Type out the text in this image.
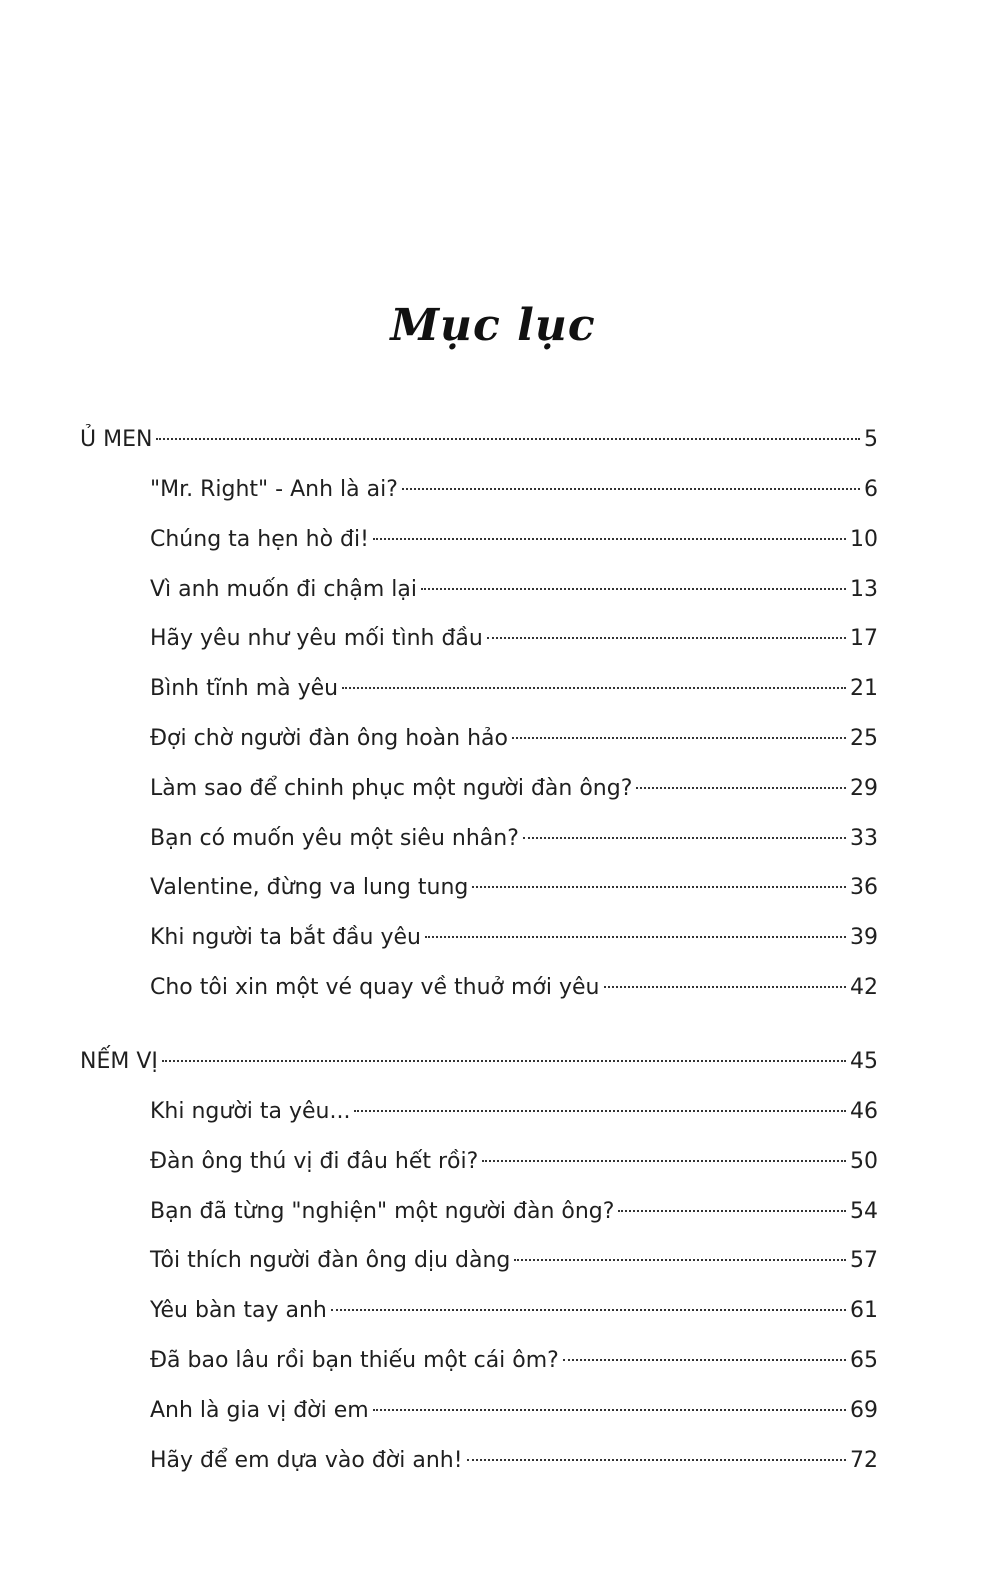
Mục lục
Ủ MEN	5
"Mr. Right" - Anh là ai?	6
Chúng ta hẹn hò đi!	10
Vì anh muốn đi chậm lại	13
Hãy yêu như yêu mối tình đầu	17
Bình tĩnh mà yêu	21
Đợi chờ người đàn ông hoàn hảo	25
Làm sao để chinh phục một người đàn ông?	29
Bạn có muốn yêu một siêu nhân?	33
Valentine, đừng va lung tung	36
Khi người ta bắt đầu yêu	39
Cho tôi xin một vé quay về thuở mới yêu	42
NẾM VỊ	45
Khi người ta yêu...	46
Đàn ông thú vị đi đâu hết rồi?	50
Bạn đã từng "nghiện" một người đàn ông?	54
Tôi thích người đàn ông dịu dàng	57
Yêu bàn tay anh	61
Đã bao lâu rồi bạn thiếu một cái ôm?	65
Anh là gia vị đời em	69
Hãy để em dựa vào đời anh!	72
